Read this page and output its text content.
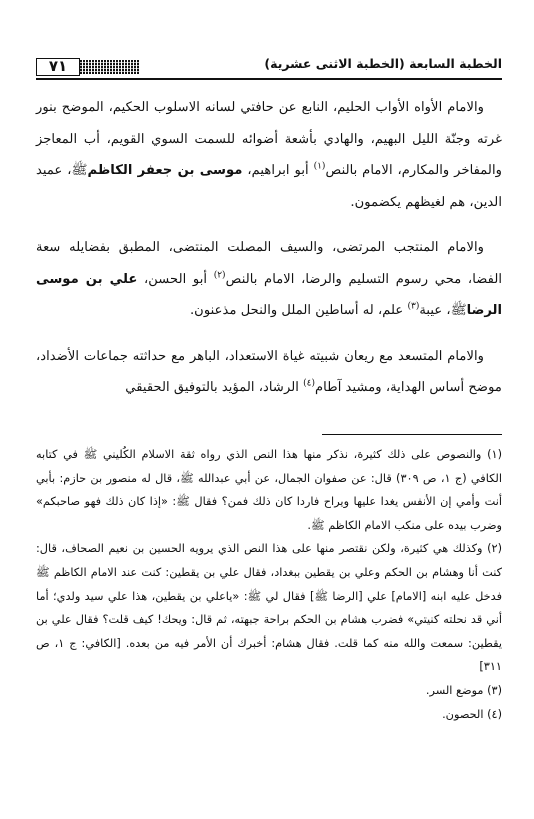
٧١	الخطبة السابعة (الخطبة الاثنى عشرية)

والامام الأواه الأواب الحليم، النابع عن حافتي لسانه الاسلوب الحكيم، الموضح بنور غرته وجنّة الليل البهيم، والهادي بأشعة أضوائه للسمت السوي القويم، أب المعاجز والمفاخر والمكارم، الامام بالنص$^{(١)}$ أبو ابراهيم، موسى بن جعفر الكاظمﷺ، عميد الدين، هم لغيظهم يكضمون.

والامام المنتجب المرتضى، والسيف المصلت المنتضى، المطبق بفضايله سعة الفضا، محي رسوم التسليم والرضا، الامام بالنص$^{(٢)}$ أبو الحسن، علي بن موسى الرضاﷺ، عيبة$^{(٣)}$ علم، له أساطين الملل والنحل مذعنون.

والامام المتسعد مع ريعان شبيته غياة الاستعداد، الباهر مع حداثته جماعات الأضداد، موضح أساس الهداية، ومشيد آطام$^{(٤)}$ الرشاد، المؤيد بالتوفيق الحقيقي

(١) والنصوص على ذلك كثيرة، نذكر منها هذا النص الذي رواه ثقة الاسلام الكُليني ﷺ في كتابه الكافي (ج ١، ص ٣٠٩) قال: عن صفوان الجمال، عن أبي عبدالله ﷺ، قال له منصور بن حازم: بأبي أنت وأمي إن الأنفس يغدا عليها ويراح فاردا كان ذلك فمن؟ فقال ﷺ: «إذا كان ذلك فهو صاحبكم» وضرب بيده على منكب الامام الكاظم ﷺ.

(٢) وكذلك هي كثيرة، ولكن نقتصر منها على هذا النص الذي يرويه الحسين بن نعيم الصحاف، قال: كنت أنا وهشام بن الحكم وعلي بن يقطين ببغداد، فقال علي بن يقطين: كنت عند الامام الكاظم ﷺ فدخل عليه ابنه [الامام] علي [الرضا ﷺ] فقال لي ﷺ: «ياعلي بن يقطين، هذا علي سيد ولدي؛ أما أني قد نحلته كنيتي» فضرب هشام بن الحكم براحة جبهته، ثم قال: ويحك! كيف قلت؟ فقال علي بن يقطين: سمعت والله منه كما قلت. فقال هشام: أخبرك أن الأمر فيه من بعده. [الكافي: ج ١، ص ٣١١]

(٣) موضع السر.

(٤) الحصون.
